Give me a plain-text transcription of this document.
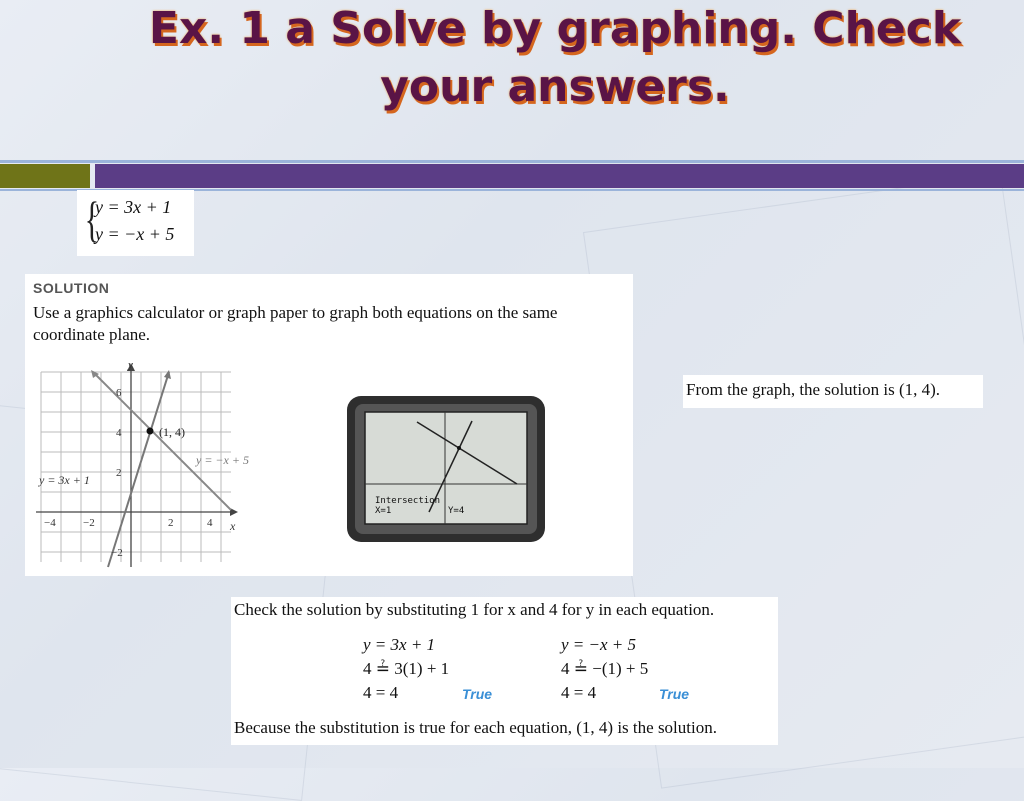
Ex. 1 a Solve by graphing. Check
your answers.
{
y = 3x + 1
y = −x + 5
SOLUTION
Use a graphics calculator or graph paper to graph both equations on the same coordinate plane.
(1, 4)
y = −x + 5
y = 3x + 1
x
y
−4 −2	2	4
6
4
2
−2
Intersection
X=1	Y=4
From the graph, the solution is (1, 4).
Check the solution by substituting 1 for x and 4 for y in each equation.
y = 3x + 1
4 ≟ 3(1) + 1
4 = 4	True
y = −x + 5
4 ≟ −(1) + 5
4 = 4	True
Because the substitution is true for each equation, (1, 4) is the solution.
